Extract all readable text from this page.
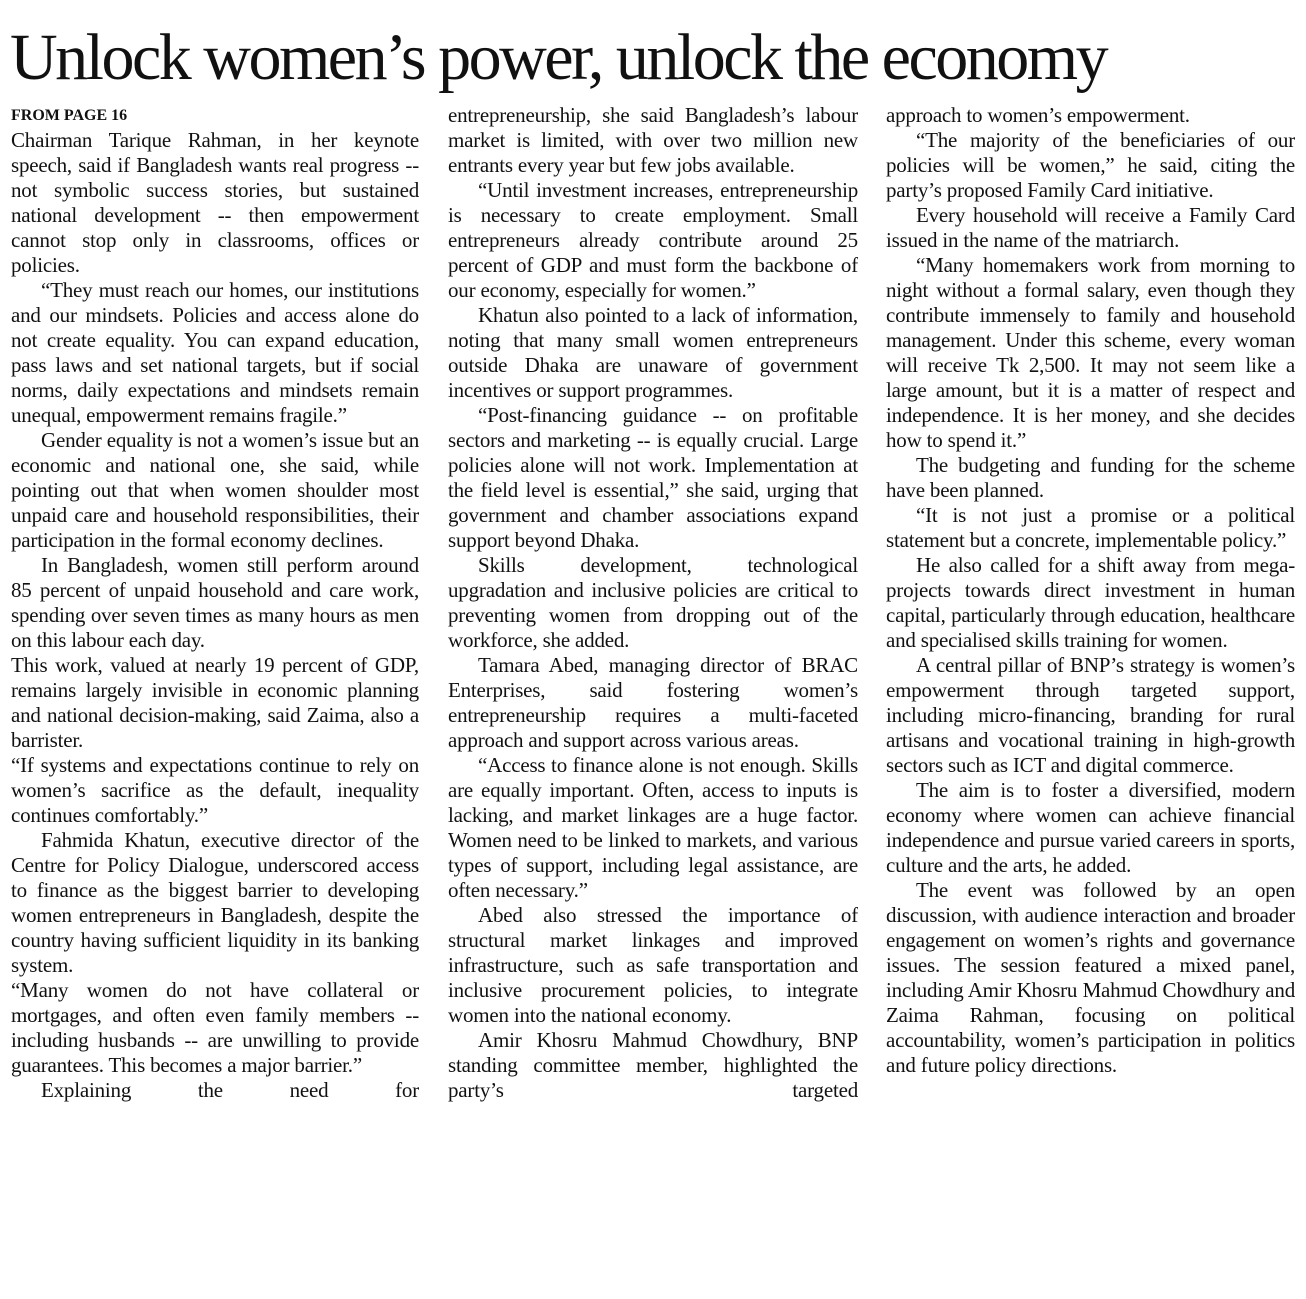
Unlock women’s power, unlock the economy
FROM PAGE 16

Chairman Tarique Rahman, in her keynote speech, said if Bangladesh wants real progress -- not symbolic success stories, but sustained national development -- then empowerment cannot stop only in classrooms, offices or policies.

“They must reach our homes, our institutions and our mindsets. Policies and access alone do not create equality. You can expand education, pass laws and set national targets, but if social norms, daily expectations and mindsets remain unequal, empowerment remains fragile.”

Gender equality is not a women’s issue but an economic and national one, she said, while pointing out that when women shoulder most unpaid care and household responsibilities, their participation in the formal economy declines.

In Bangladesh, women still perform around 85 percent of unpaid household and care work, spending over seven times as many hours as men on this labour each day.

This work, valued at nearly 19 percent of GDP, remains largely invisible in economic planning and national decision-making, said Zaima, also a barrister.

“If systems and expectations continue to rely on women’s sacrifice as the default, inequality continues comfortably.”

Fahmida Khatun, executive director of the Centre for Policy Dialogue, underscored access to finance as the biggest barrier to developing women entrepreneurs in Bangladesh, despite the country having sufficient liquidity in its banking system.

“Many women do not have collateral or mortgages, and often even family members -- including husbands -- are unwilling to provide guarantees. This becomes a major barrier.”

Explaining the need for

entrepreneurship, she said Bangladesh’s labour market is limited, with over two million new entrants every year but few jobs available.

“Until investment increases, entrepreneurship is necessary to create employment. Small entrepreneurs already contribute around 25 percent of GDP and must form the backbone of our economy, especially for women.”

Khatun also pointed to a lack of information, noting that many small women entrepreneurs outside Dhaka are unaware of government incentives or support programmes.

“Post-financing guidance -- on profitable sectors and marketing -- is equally crucial. Large policies alone will not work. Implementation at the field level is essential,” she said, urging that government and chamber associations expand support beyond Dhaka.

Skills development, technological upgradation and inclusive policies are critical to preventing women from dropping out of the workforce, she added.

Tamara Abed, managing director of BRAC Enterprises, said fostering women’s entrepreneurship requires a multi-faceted approach and support across various areas.

“Access to finance alone is not enough. Skills are equally important. Often, access to inputs is lacking, and market linkages are a huge factor. Women need to be linked to markets, and various types of support, including legal assistance, are often necessary.”

Abed also stressed the importance of structural market linkages and improved infrastructure, such as safe transportation and inclusive procurement policies, to integrate women into the national economy.

Amir Khosru Mahmud Chowdhury, BNP standing committee member, highlighted the party’s targeted

approach to women’s empowerment.

“The majority of the beneficiaries of our policies will be women,” he said, citing the party’s proposed Family Card initiative.

Every household will receive a Family Card issued in the name of the matriarch.

“Many homemakers work from morning to night without a formal salary, even though they contribute immensely to family and household management. Under this scheme, every woman will receive Tk 2,500. It may not seem like a large amount, but it is a matter of respect and independence. It is her money, and she decides how to spend it.”

The budgeting and funding for the scheme have been planned.

“It is not just a promise or a political statement but a concrete, implementable policy.”

He also called for a shift away from mega-projects towards direct investment in human capital, particularly through education, healthcare and specialised skills training for women.

A central pillar of BNP’s strategy is women’s empowerment through targeted support, including micro-financing, branding for rural artisans and vocational training in high-growth sectors such as ICT and digital commerce.

The aim is to foster a diversified, modern economy where women can achieve financial independence and pursue varied careers in sports, culture and the arts, he added.

The event was followed by an open discussion, with audience interaction and broader engagement on women’s rights and governance issues. The session featured a mixed panel, including Amir Khosru Mahmud Chowdhury and Zaima Rahman, focusing on political accountability, women’s participation in politics and future policy directions.
